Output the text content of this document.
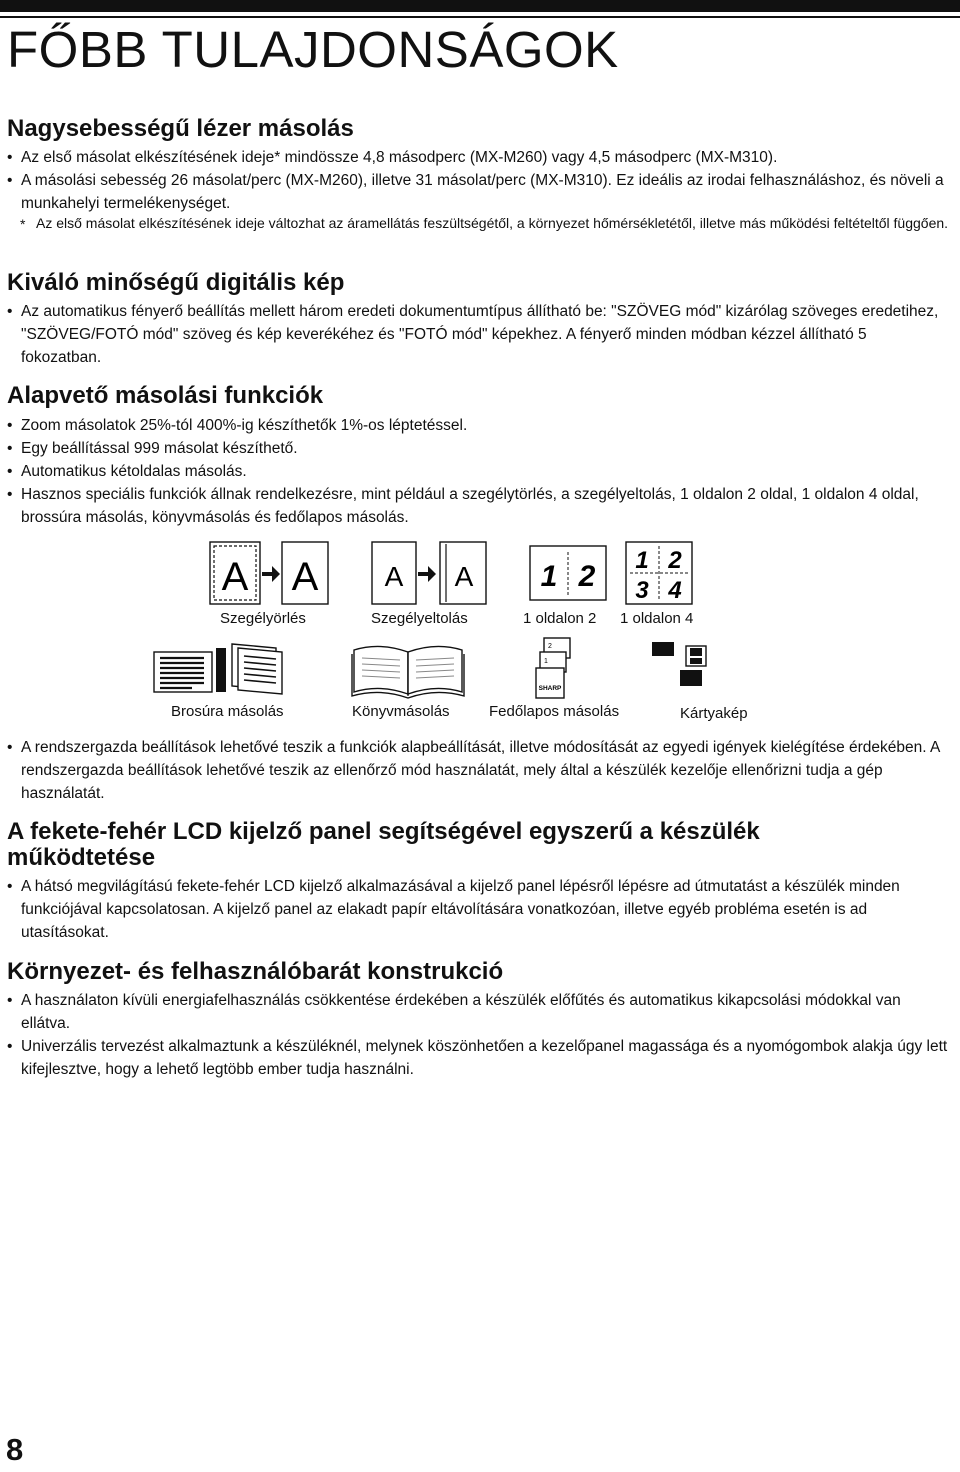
FŐBB TULAJDONSÁGOK
Nagysebességű lézer másolás
• Az első másolat elkészítésének ideje* mindössze 4,8 másodperc (MX-M260) vagy 4,5 másodperc (MX-M310).
• A másolási sebesség 26 másolat/perc (MX-M260), illetve 31 másolat/perc (MX-M310). Ez ideális az irodai felhasználáshoz, és növeli a munkahelyi termelékenységet.
* Az első másolat elkészítésének ideje változhat az áramellátás feszültségétől, a környezet hőmérsékletétől, illetve más működési feltételtől függően.
Kiváló minőségű digitális kép
• Az automatikus fényerő beállítás mellett három eredeti dokumentumtípus állítható be: "SZÖVEG mód" kizárólag szöveges eredetihez, "SZÖVEG/FOTÓ mód" szöveg és kép keverékéhez és "FOTÓ mód" képekhez. A fényerő minden módban kézzel állítható 5 fokozatban.
Alapvető másolási funkciók
• Zoom másolatok 25%-tól 400%-ig készíthetők 1%-os léptetéssel.
• Egy beállítással 999 másolat készíthető.
• Automatikus kétoldalas másolás.
• Hasznos speciális funkciók állnak rendelkezésre, mint például a szegélytörlés, a szegélyeltolás, 1 oldalon 2 oldal, 1 oldalon 4 oldal, brossúra másolás, könyvmásolás és fedőlapos másolás.
A A A A 1 2 1 2
3 4
Szegélyörlés	Szegélyeltolás	1 oldalon 2 1 oldalon 4
2
1
SHARP
Brosúra másolás	Könyvmásolás	Fedőlapos másolás	Kártyakép
• A rendszergazda beállítások lehetővé teszik a funkciók alapbeállítását, illetve módosítását az egyedi igények kielégítése érdekében. A rendszergazda beállítások lehetővé teszik az ellenőrző mód használatát, mely által a készülék kezelője ellenőrizni tudja a gép használatát.
A fekete-fehér LCD kijelző panel segítségével egyszerű a készülék
működtetése
• A hátsó megvilágítású fekete-fehér LCD kijelző alkalmazásával a kijelző panel lépésről lépésre ad útmutatást a készülék minden funkciójával kapcsolatosan. A kijelző panel az elakadt papír eltávolítására vonatkozóan, illetve egyéb probléma esetén is ad utasításokat.
Környezet- és felhasználóbarát konstrukció
• A használaton kívüli energiafelhasználás csökkentése érdekében a készülék előfűtés és automatikus kikapcsolási módokkal van ellátva.
• Univerzális tervezést alkalmaztunk a készüléknél, melynek köszönhetően a kezelőpanel magassága és a nyomógombok alakja úgy lett kifejlesztve, hogy a lehető legtöbb ember tudja használni.
8
